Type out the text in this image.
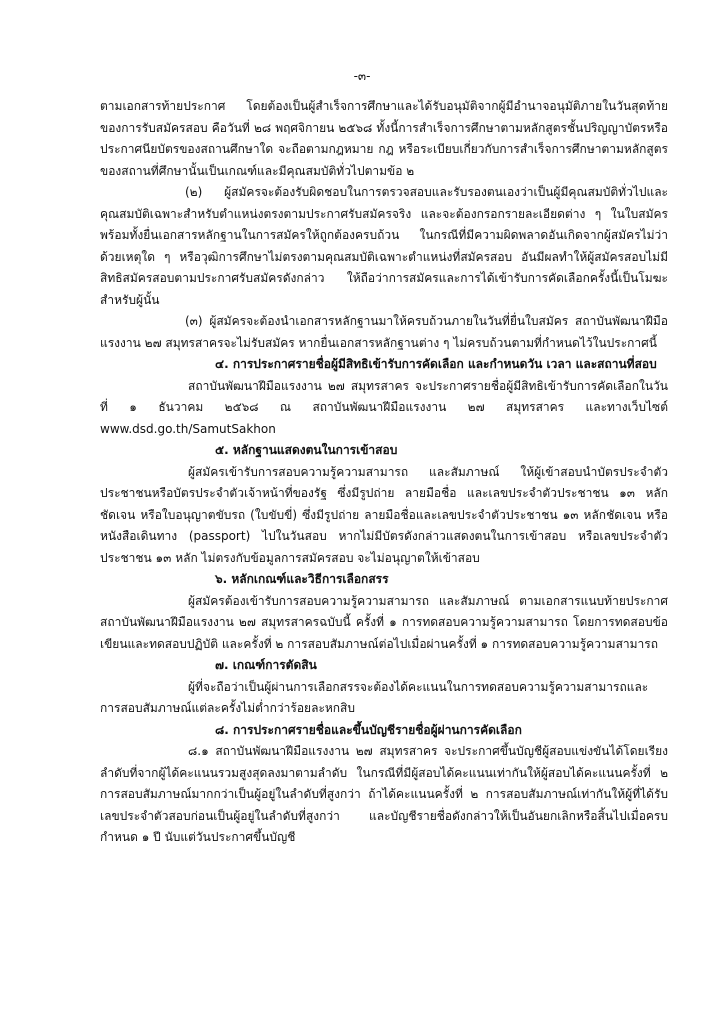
-๓-

ตามเอกสารท้ายประกาศ โดยต้องเป็นผู้สำเร็จการศึกษาและได้รับอนุมัติจากผู้มีอำนาจอนุมัติภายในวันสุดท้ายของการรับสมัครสอบ คือวันที่ ๒๘ พฤศจิกายน ๒๕๖๘ ทั้งนี้การสำเร็จการศึกษาตามหลักสูตรชั้นปริญญาบัตรหรือประกาศนียบัตรของสถานศึกษาใด จะถือตามกฎหมาย กฎ หรือระเบียบเกี่ยวกับการสำเร็จการศึกษาตามหลักสูตรของสถานที่ศึกษานั้นเป็นเกณฑ์และมีคุณสมบัติทั่วไปตามข้อ ๒

(๒) ผู้สมัครจะต้องรับผิดชอบในการตรวจสอบและรับรองตนเองว่าเป็นผู้มีคุณสมบัติทั่วไปและคุณสมบัติเฉพาะสำหรับตำแหน่งตรงตามประกาศรับสมัครจริง และจะต้องกรอกรายละเอียดต่าง ๆ ในใบสมัครพร้อมทั้งยื่นเอกสารหลักฐานในการสมัครให้ถูกต้องครบถ้วน ในกรณีที่มีความผิดพลาดอันเกิดจากผู้สมัครไม่ว่าด้วยเหตุใด ๆ หรือวุฒิการศึกษาไม่ตรงตามคุณสมบัติเฉพาะตำแหน่งที่สมัครสอบ อันมีผลทำให้ผู้สมัครสอบไม่มีสิทธิสมัครสอบตามประกาศรับสมัครดังกล่าว ให้ถือว่าการสมัครและการได้เข้ารับการคัดเลือกครั้งนี้เป็นโมฆะสำหรับผู้นั้น

(๓) ผู้สมัครจะต้องนำเอกสารหลักฐานมาให้ครบถ้วนภายในวันที่ยื่นใบสมัคร สถาบันพัฒนาฝีมือแรงงาน ๒๗ สมุทรสาครจะไม่รับสมัคร หากยื่นเอกสารหลักฐานต่าง ๆ ไม่ครบถ้วนตามที่กำหนดไว้ในประกาศนี้

๔. การประกาศรายชื่อผู้มีสิทธิเข้ารับการคัดเลือก และกำหนดวัน เวลา และสถานที่สอบ

สถาบันพัฒนาฝีมือแรงงาน ๒๗ สมุทรสาคร จะประกาศรายชื่อผู้มีสิทธิเข้ารับการคัดเลือกในวันที่ ๑ ธันวาคม ๒๕๖๘ ณ สถาบันพัฒนาฝีมือแรงงาน ๒๗ สมุทรสาคร และทางเว็บไซต์ www.dsd.go.th/SamutSakhon

๕. หลักฐานแสดงตนในการเข้าสอบ

ผู้สมัครเข้ารับการสอบความรู้ความสามารถ และสัมภาษณ์ ให้ผู้เข้าสอบนำบัตรประจำตัวประชาชนหรือบัตรประจำตัวเจ้าหน้าที่ของรัฐ ซึ่งมีรูปถ่าย ลายมือชื่อ และเลขประจำตัวประชาชน ๑๓ หลักชัดเจน หรือใบอนุญาตขับรถ (ใบขับขี่) ซึ่งมีรูปถ่าย ลายมือชื่อและเลขประจำตัวประชาชน ๑๓ หลักชัดเจน หรือหนังสือเดินทาง (passport) ไปในวันสอบ หากไม่มีบัตรดังกล่าวแสดงตนในการเข้าสอบ หรือเลขประจำตัวประชาชน ๑๓ หลัก ไม่ตรงกับข้อมูลการสมัครสอบ จะไม่อนุญาตให้เข้าสอบ

๖. หลักเกณฑ์และวิธีการเลือกสรร

ผู้สมัครต้องเข้ารับการสอบความรู้ความสามารถ และสัมภาษณ์ ตามเอกสารแนบท้ายประกาศสถาบันพัฒนาฝีมือแรงงาน ๒๗ สมุทรสาครฉบับนี้ ครั้งที่ ๑ การทดสอบความรู้ความสามารถ โดยการทดสอบข้อเขียนและทดสอบปฏิบัติ และครั้งที่ ๒ การสอบสัมภาษณ์ต่อไปเมื่อผ่านครั้งที่ ๑ การทดสอบความรู้ความสามารถ

๗. เกณฑ์การตัดสิน

ผู้ที่จะถือว่าเป็นผู้ผ่านการเลือกสรรจะต้องได้คะแนนในการทดสอบความรู้ความสามารถและการสอบสัมภาษณ์แต่ละครั้งไม่ต่ำกว่าร้อยละหกสิบ

๘. การประกาศรายชื่อและขึ้นบัญชีรายชื่อผู้ผ่านการคัดเลือก

๘.๑ สถาบันพัฒนาฝีมือแรงงาน ๒๗ สมุทรสาคร จะประกาศขึ้นบัญชีผู้สอบแข่งขันได้โดยเรียงลำดับที่จากผู้ได้คะแนนรวมสูงสุดลงมาตามลำดับ ในกรณีที่มีผู้สอบได้คะแนนเท่ากันให้ผู้สอบได้คะแนนครั้งที่ ๒ การสอบสัมภาษณ์มากกว่าเป็นผู้อยู่ในลำดับที่สูงกว่า ถ้าได้คะแนนครั้งที่ ๒ การสอบสัมภาษณ์เท่ากันให้ผู้ที่ได้รับเลขประจำตัวสอบก่อนเป็นผู้อยู่ในลำดับที่สูงกว่า และบัญชีรายชื่อดังกล่าวให้เป็นอันยกเลิกหรือสิ้นไปเมื่อครบกำหนด ๑ ปี นับแต่วันประกาศขึ้นบัญชี
